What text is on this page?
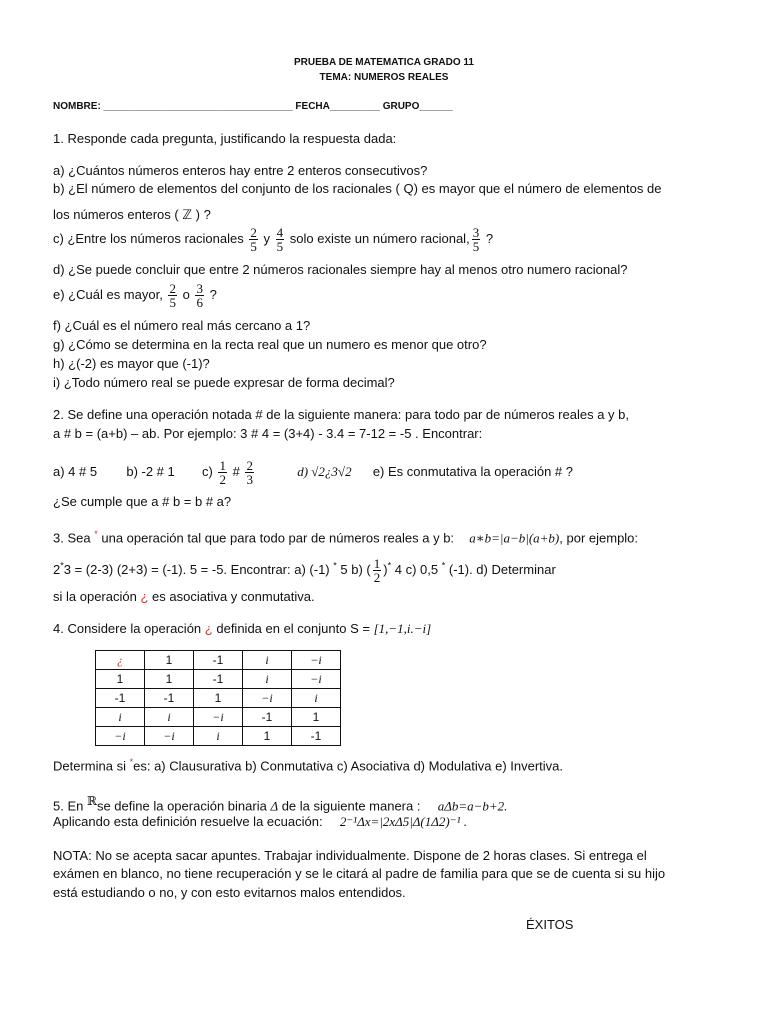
PRUEBA DE MATEMATICA GRADO 11
TEMA: NUMEROS REALES
NOMBRE: __________________________________ FECHA_________ GRUPO______
1. Responde cada pregunta, justificando la respuesta dada:
a) ¿Cuántos números enteros hay entre 2 enteros consecutivos?
b) ¿El número de elementos del conjunto de los racionales ( Q) es mayor que el número de elementos de
los números enteros ( ℤ ) ?
c) ¿Entre los números racionales $\frac{2}{5}$ y $\frac{4}{5}$ solo existe un número racional, $\frac{3}{5}$ ?
d) ¿Se puede concluir que entre 2 números racionales siempre hay al menos otro numero racional?
e) ¿Cuál es mayor, $\frac{2}{5}$ o $\frac{3}{6}$ ?
f) ¿Cuál es el número real más cercano a 1?
g) ¿Cómo se determina en la recta real que un numero es menor que otro?
h) ¿(-2) es mayor que (-1)?
i) ¿Todo número real se puede expresar de forma decimal?
2. Se define una operación notada # de la siguiente manera: para todo par de números reales a y b,
a # b = (a+b) – ab. Por ejemplo: 3 # 4 = (3+4) - 3.4 = 7-12 = -5 . Encontrar:
a) 4 # 5 b) -2 # 1 $c) \frac{1}{2}$ # $\frac{2}{3}$	d) √2¿3√2 e) Es conmutativa la operación # ?
¿Se cumple que a # b = b # a?
3. Sea * una operación tal que para todo par de números reales a y b: a∗b=|a−b|(a+b), por ejemplo:
2*3 = (2-3) (2+3) = (-1). 5 = -5. Encontrar: a) (-1) * 5 b) ( $\frac{1}{2} )^*$ 4 c) 0,5 * (-1). d) Determinar
si la operación ¿ es asociativa y conmutativa.
4. Considere la operación ¿ definida en el conjunto S = [1,−1,i.−i]
¿	1	-1	i	−i
1	1	-1	i	−i
-1	-1	1	−i	i
i	i	−i	-1	1
−i	−i	i	1	-1
Determina si *es: a) Clausurativa b) Conmutativa c) Asociativa d) Modulativa e) Invertiva.
5. En $^ℝ$se define la operación binaria Δ de la siguiente manera : aΔb=a−b+2.
Aplicando esta definición resuelve la ecuación: 2⁻¹Δx=|2xΔ5|Δ(1Δ2)⁻¹ .
NOTA: No se acepta sacar apuntes. Trabajar individualmente. Dispone de 2 horas clases. Si entrega el
exámen en blanco, no tiene recuperación y se le citará al padre de familia para que se de cuenta si su hijo
está estudiando o no, y con esto evitarnos malos entendidos.
ÉXITOS
